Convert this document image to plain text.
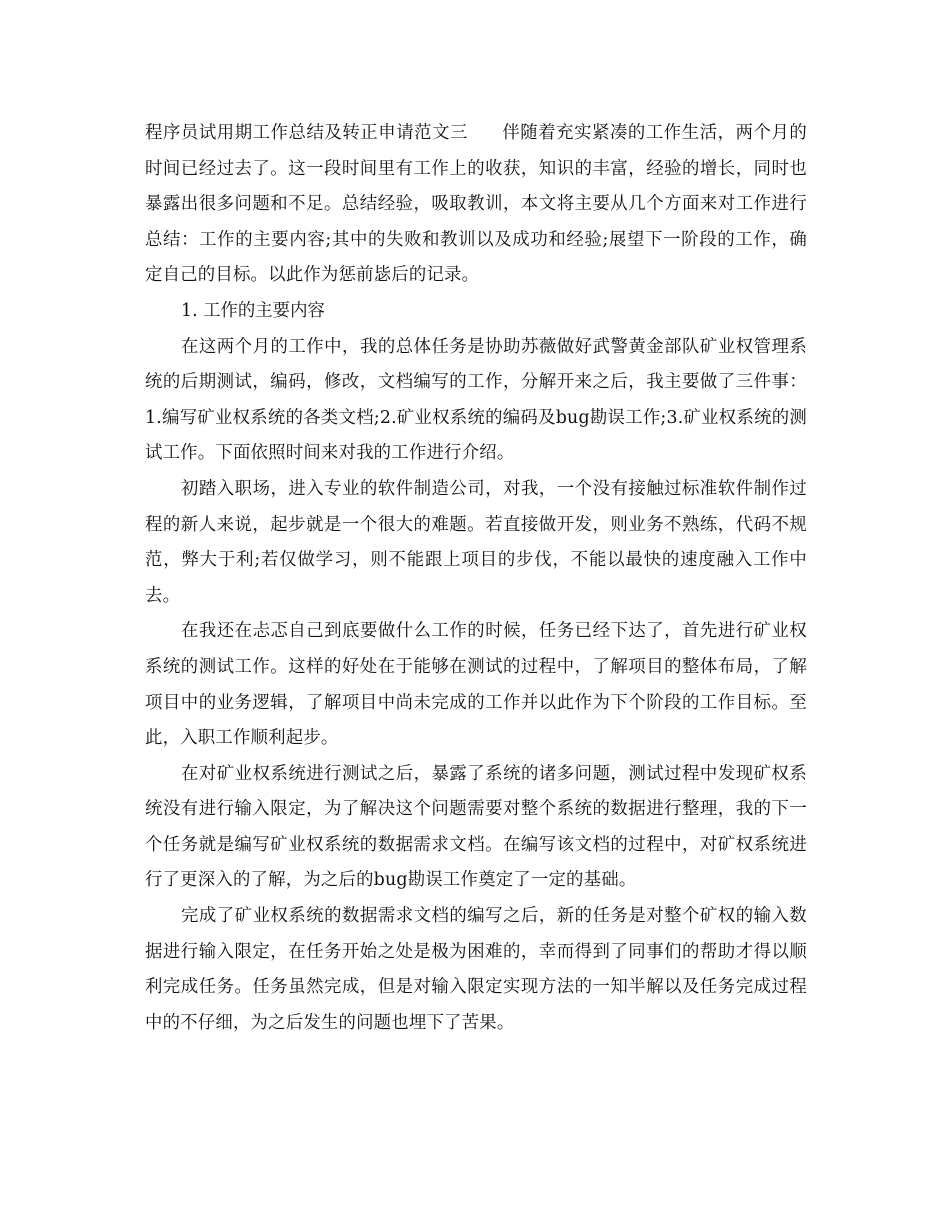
程序员试用期工作总结及转正申请范文三 伴随着充实紧凑的工作生活，两个月的时间已经过去了。这一段时间里有工作上的收获，知识的丰富，经验的增长，同时也暴露出很多问题和不足。总结经验，吸取教训，本文将主要从几个方面来对工作进行总结：工作的主要内容;其中的失败和教训以及成功和经验;展望下一阶段的工作，确定自己的目标。以此作为惩前毖后的记录。

1. 工作的主要内容

在这两个月的工作中，我的总体任务是协助苏薇做好武警黄金部队矿业权管理系统的后期测试，编码，修改，文档编写的工作，分解开来之后，我主要做了三件事：1.编写矿业权系统的各类文档;2.矿业权系统的编码及bug勘误工作;3.矿业权系统的测试工作。下面依照时间来对我的工作进行介绍。

初踏入职场，进入专业的软件制造公司，对我，一个没有接触过标准软件制作过程的新人来说，起步就是一个很大的难题。若直接做开发，则业务不熟练，代码不规范，弊大于利;若仅做学习，则不能跟上项目的步伐，不能以最快的速度融入工作中去。

在我还在忐忑自己到底要做什么工作的时候，任务已经下达了，首先进行矿业权系统的测试工作。这样的好处在于能够在测试的过程中，了解项目的整体布局，了解项目中的业务逻辑，了解项目中尚未完成的工作并以此作为下个阶段的工作目标。至此，入职工作顺利起步。

在对矿业权系统进行测试之后，暴露了系统的诸多问题，测试过程中发现矿权系统没有进行输入限定，为了解决这个问题需要对整个系统的数据进行整理，我的下一个任务就是编写矿业权系统的数据需求文档。在编写该文档的过程中，对矿权系统进行了更深入的了解，为之后的bug勘误工作奠定了一定的基础。

完成了矿业权系统的数据需求文档的编写之后，新的任务是对整个矿权的输入数据进行输入限定，在任务开始之处是极为困难的，幸而得到了同事们的帮助才得以顺利完成任务。任务虽然完成，但是对输入限定实现方法的一知半解以及任务完成过程中的不仔细，为之后发生的问题也埋下了苦果。
